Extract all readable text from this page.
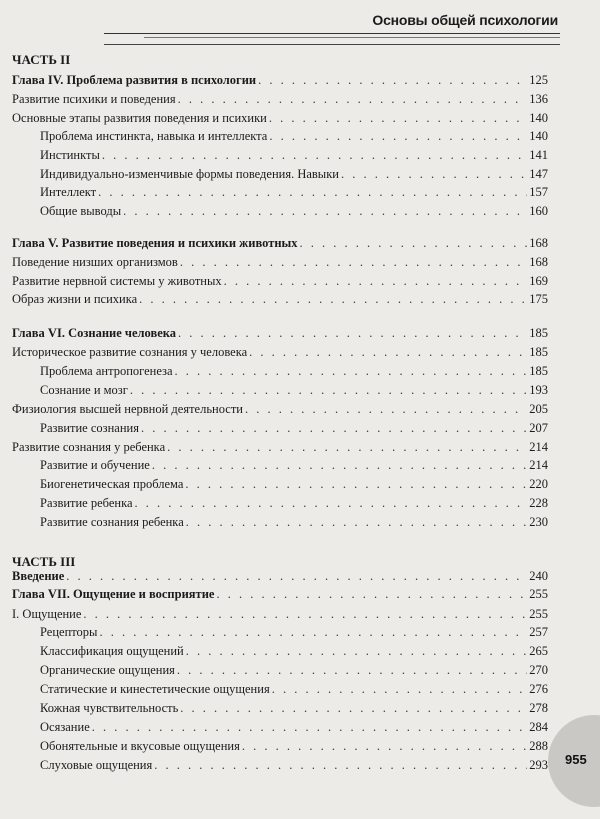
Основы общей психологии
ЧАСТЬ II
ЧАСТЬ III
Глава IV. Проблема развития в психологии . . .	125
Развитие психики и поведения . . .	136
Основные этапы развития поведения и психики . . .	140
Проблема инстинкта, навыка и интеллекта . . .	140
Инстинкты . . .	141
Индивидуально-изменчивые формы поведения. Навыки . . .	147
Интеллект . . .	157
Общие выводы . . .	160
Глава V. Развитие поведения и психики животных . . .	168
Поведение низших организмов . . .	168
Развитие нервной системы у животных . . .	169
Образ жизни и психика . . .	175
Глава VI. Сознание человека . . .	185
Историческое развитие сознания у человека . . .	185
Проблема антропогенеза . . .	185
Сознание и мозг . . .	193
Физиология высшей нервной деятельности . . .	205
Развитие сознания . . .	207
Развитие сознания у ребенка . . .	214
Развитие и обучение . . .	214
Биогенетическая проблема . . .	220
Развитие ребенка . . .	228
Развитие сознания ребенка . . .	230
Введение . . .	240
Глава VII. Ощущение и восприятие . . .	255
I. Ощущение . . .	255
Рецепторы . . .	257
Классификация ощущений . . .	265
Органические ощущения . . .	270
Статические и кинестетические ощущения . . .	276
Кожная чувствительность . . .	278
Осязание . . .	284
Обонятельные и вкусовые ощущения . . .	288
Слуховые ощущения . . .	293 955
